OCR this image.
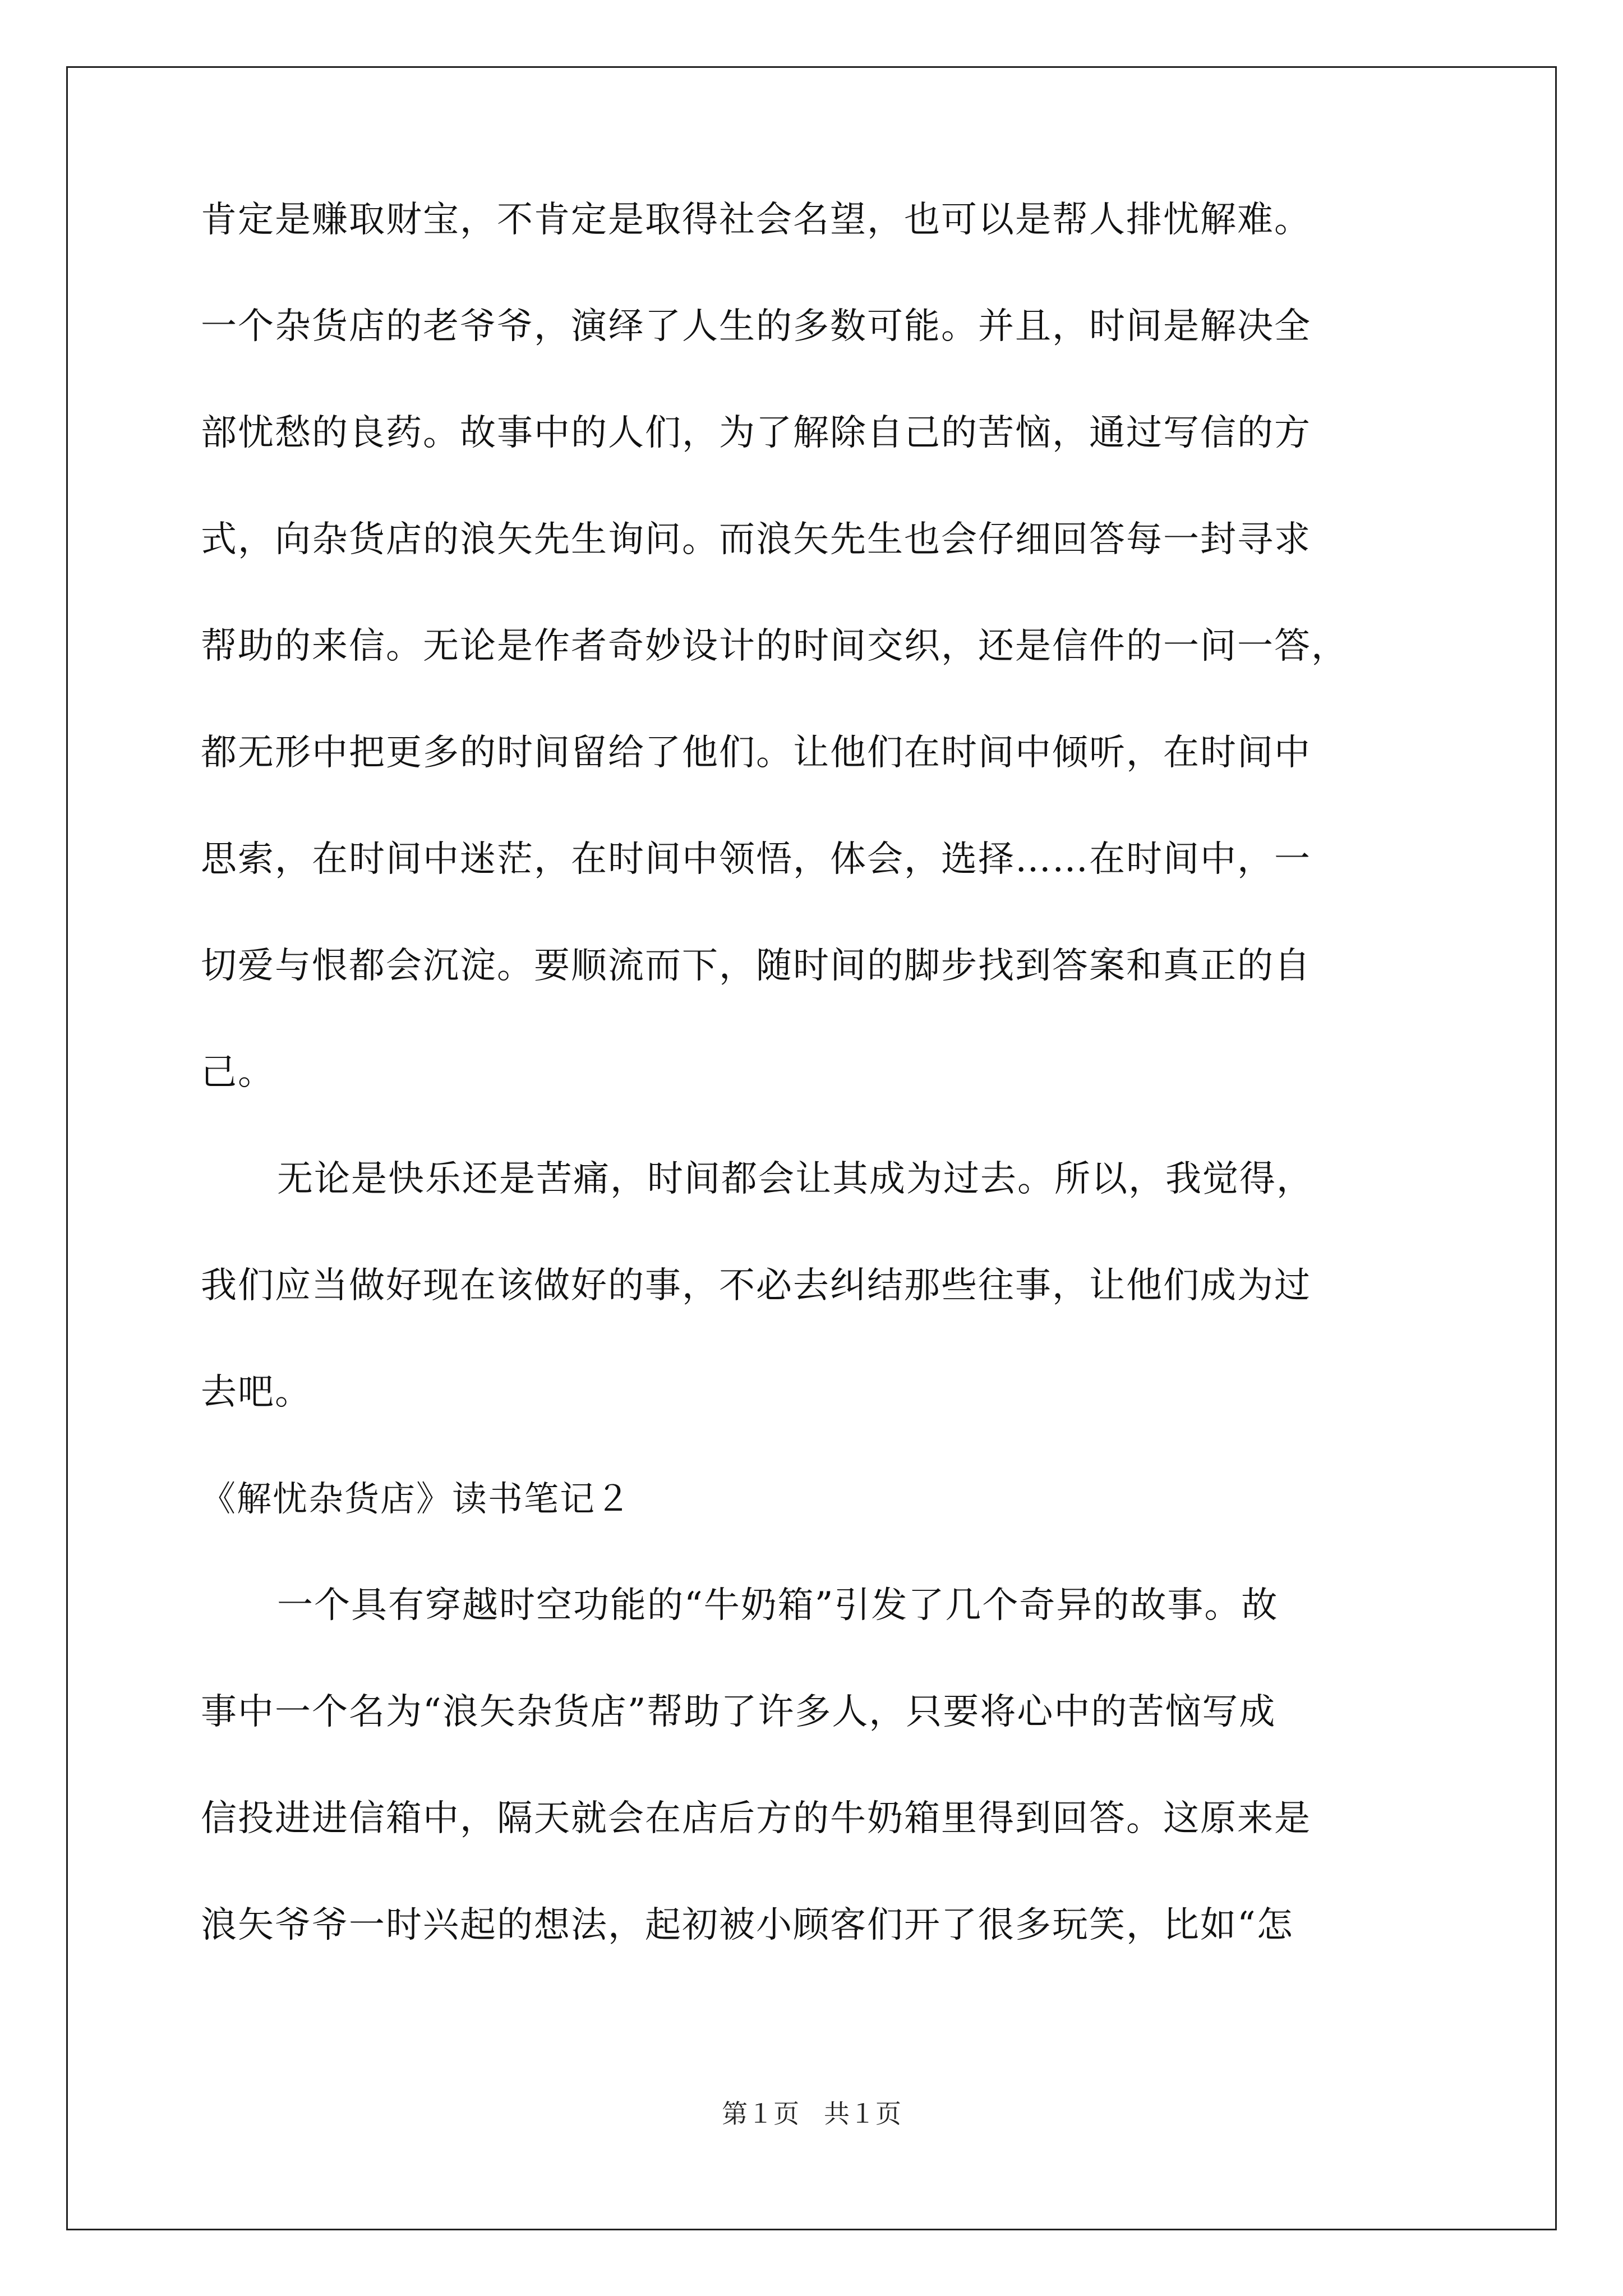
肯定是赚取财宝，不肯定是取得社会名望，也可以是帮人排忧解难。
一个杂货店的老爷爷，演绎了人生的多数可能。并且，时间是解决全
部忧愁的良药。故事中的人们，为了解除自己的苦恼，通过写信的方
式，向杂货店的浪矢先生询问。而浪矢先生也会仔细回答每一封寻求
帮助的来信。无论是作者奇妙设计的时间交织，还是信件的一问一答，
都无形中把更多的时间留给了他们。让他们在时间中倾听，在时间中
思索，在时间中迷茫，在时间中领悟，体会，选择……在时间中，一
切爱与恨都会沉淀。要顺流而下，随时间的脚步找到答案和真正的自
己。
无论是快乐还是苦痛，时间都会让其成为过去。所以，我觉得，
我们应当做好现在该做好的事，不必去纠结那些往事，让他们成为过
去吧。
《解忧杂货店》读书笔记２
一个具有穿越时空功能的“牛奶箱”引发了几个奇异的故事。故
事中一个名为“浪矢杂货店”帮助了许多人，只要将心中的苦恼写成
信投进进信箱中，隔天就会在店后方的牛奶箱里得到回答。这原来是
浪矢爷爷一时兴起的想法，起初被小顾客们开了很多玩笑，比如“怎
第１页 共１页
